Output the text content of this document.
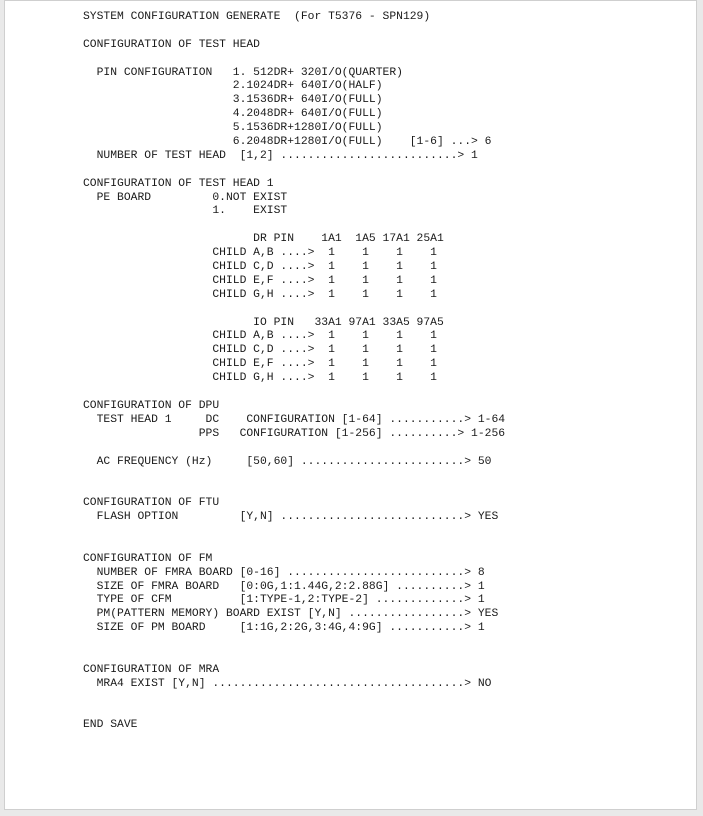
SYSTEM CONFIGURATION GENERATE  (For T5376 - SPN129)
CONFIGURATION OF TEST HEAD
PIN CONFIGURATION   1. 512DR+ 320I/O(QUARTER)
2.1024DR+ 640I/O(HALF)
3.1536DR+ 640I/O(FULL)
4.2048DR+ 640I/O(FULL)
5.1536DR+1280I/O(FULL)
6.2048DR+1280I/O(FULL)    [1-6] ...> 6
NUMBER OF TEST HEAD  [1,2] ..........................> 1
CONFIGURATION OF TEST HEAD 1
PE BOARD         0.NOT EXIST
1.    EXIST
DR PIN    1A1  1A5 17A1 25A1
CHILD A,B ....>  1    1    1    1
CHILD C,D ....>  1    1    1    1
CHILD E,F ....>  1    1    1    1
CHILD G,H ....>  1    1    1    1
IO PIN   33A1 97A1 33A5 97A5
CHILD A,B ....>  1    1    1    1
CHILD C,D ....>  1    1    1    1
CHILD E,F ....>  1    1    1    1
CHILD G,H ....>  1    1    1    1
CONFIGURATION OF DPU
TEST HEAD 1     DC    CONFIGURATION [1-64] ...........> 1-64
PPS   CONFIGURATION [1-256] ..........> 1-256
AC FREQUENCY (Hz)     [50,60] ........................> 50
CONFIGURATION OF FTU
FLASH OPTION         [Y,N] ...........................> YES
CONFIGURATION OF FM
NUMBER OF FMRA BOARD [0-16] ..........................> 8
SIZE OF FMRA BOARD   [0:0G,1:1.44G,2:2.88G] ..........> 1
TYPE OF CFM          [1:TYPE-1,2:TYPE-2] .............> 1
PM(PATTERN MEMORY) BOARD EXIST [Y,N] .................> YES
SIZE OF PM BOARD     [1:1G,2:2G,3:4G,4:9G] ...........> 1
CONFIGURATION OF MRA
MRA4 EXIST [Y,N] .....................................> NO
END SAVE
